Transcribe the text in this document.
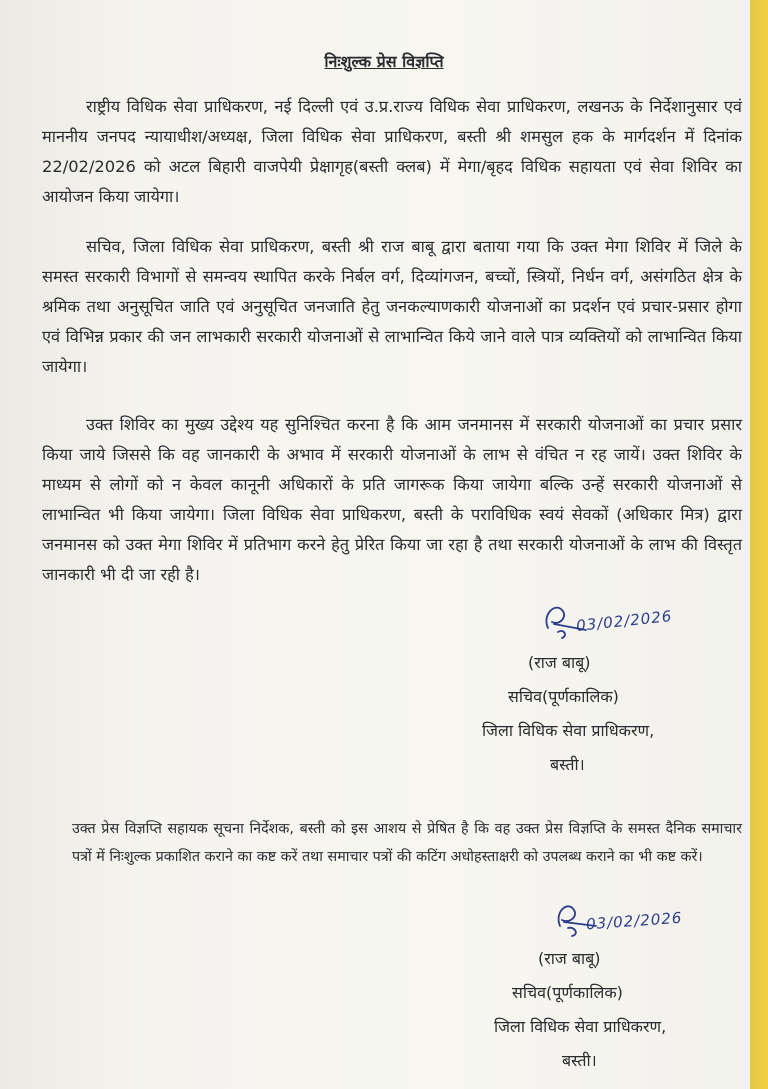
निःशुल्क प्रेस विज्ञप्ति
राष्ट्रीय विधिक सेवा प्राधिकरण, नई दिल्ली एवं उ.प्र.राज्य विधिक सेवा प्राधिकरण, लखनऊ के निर्देशानुसार एवं माननीय जनपद न्यायाधीश/अध्यक्ष, जिला विधिक सेवा प्राधिकरण, बस्ती श्री शमसुल हक के मार्गदर्शन में दिनांक 22/02/2026 को अटल बिहारी वाजपेयी प्रेक्षागृह(बस्ती क्लब) में मेगा/बृहद विधिक सहायता एवं सेवा शिविर का आयोजन किया जायेगा।
सचिव, जिला विधिक सेवा प्राधिकरण, बस्ती श्री राज बाबू द्वारा बताया गया कि उक्त मेगा शिविर में जिले के समस्त सरकारी विभागों से समन्वय स्थापित करके निर्बल वर्ग, दिव्यांगजन, बच्चों, स्त्रियों, निर्धन वर्ग, असंगठित क्षेत्र के श्रमिक तथा अनुसूचित जाति एवं अनुसूचित जनजाति हेतु जनकल्याणकारी योजनाओं का प्रदर्शन एवं प्रचार-प्रसार होगा एवं विभिन्न प्रकार की जन लाभकारी सरकारी योजनाओं से लाभान्वित किये जाने वाले पात्र व्यक्तियों को लाभान्वित किया जायेगा।
उक्त शिविर का मुख्य उद्देश्य यह सुनिश्चित करना है कि आम जनमानस में सरकारी योजनाओं का प्रचार प्रसार किया जाये जिससे कि वह जानकारी के अभाव में सरकारी योजनाओं के लाभ से वंचित न रह जायें। उक्त शिविर के माध्यम से लोगों को न केवल कानूनी अधिकारों के प्रति जागरूक किया जायेगा बल्कि उन्हें सरकारी योजनाओं से लाभान्वित भी किया जायेगा। जिला विधिक सेवा प्राधिकरण, बस्ती के पराविधिक स्वयं सेवकों (अधिकार मित्र) द्वारा जनमानस को उक्त मेगा शिविर में प्रतिभाग करने हेतु प्रेरित किया जा रहा है तथा सरकारी योजनाओं के लाभ की विस्तृत जानकारी भी दी जा रही है।
03/02/2026
(राज बाबू)
सचिव(पूर्णकालिक)
जिला विधिक सेवा प्राधिकरण,
बस्ती।
उक्त प्रेस विज्ञप्ति सहायक सूचना निर्देशक, बस्ती को इस आशय से प्रेषित है कि वह उक्त प्रेस विज्ञप्ति के समस्त दैनिक समाचार पत्रों में निःशुल्क प्रकाशित कराने का कष्ट करें तथा समाचार पत्रों की कटिंग अधोहस्ताक्षरी को उपलब्ध कराने का भी कष्ट करें।
03/02/2026
(राज बाबू)
सचिव(पूर्णकालिक)
जिला विधिक सेवा प्राधिकरण,
बस्ती।
